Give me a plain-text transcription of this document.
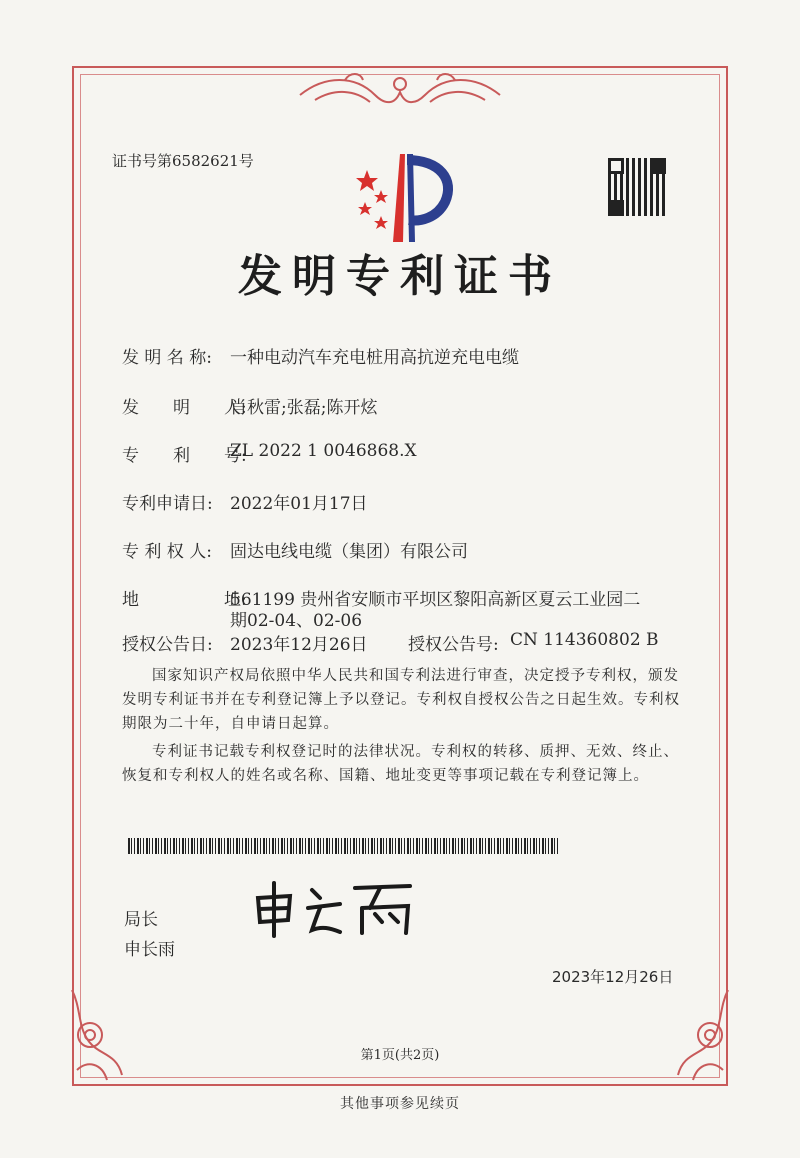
证书号第6582621号
发明专利证书
发 明 名 称: 一种电动汽车充电桩用高抗逆充电电缆
发　　明　　人:
肖秋雷;张磊;陈开炫
专　　利　　号:
ZL 2022 1 0046868.X
专利申请日: 2022年01月17日
专 利 权 人: 固达电线电缆（集团）有限公司
地　　　　　址:
561199 贵州省安顺市平坝区黎阳高新区夏云工业园二
期02-04、02-06
授权公告日: 2023年12月26日 授权公告号: CN 114360802 B
国家知识产权局依照中华人民共和国专利法进行审查，决定授予专利权，颁发发明专利证书并在专利登记簿上予以登记。专利权自授权公告之日起生效。专利权期限为二十年，自申请日起算。
专利证书记载专利权登记时的法律状况。专利权的转移、质押、无效、终止、恢复和专利权人的姓名或名称、国籍、地址变更等事项记载在专利登记簿上。
局长
申长雨
2023年12月26日
第1页(共2页)
其他事项参见续页
